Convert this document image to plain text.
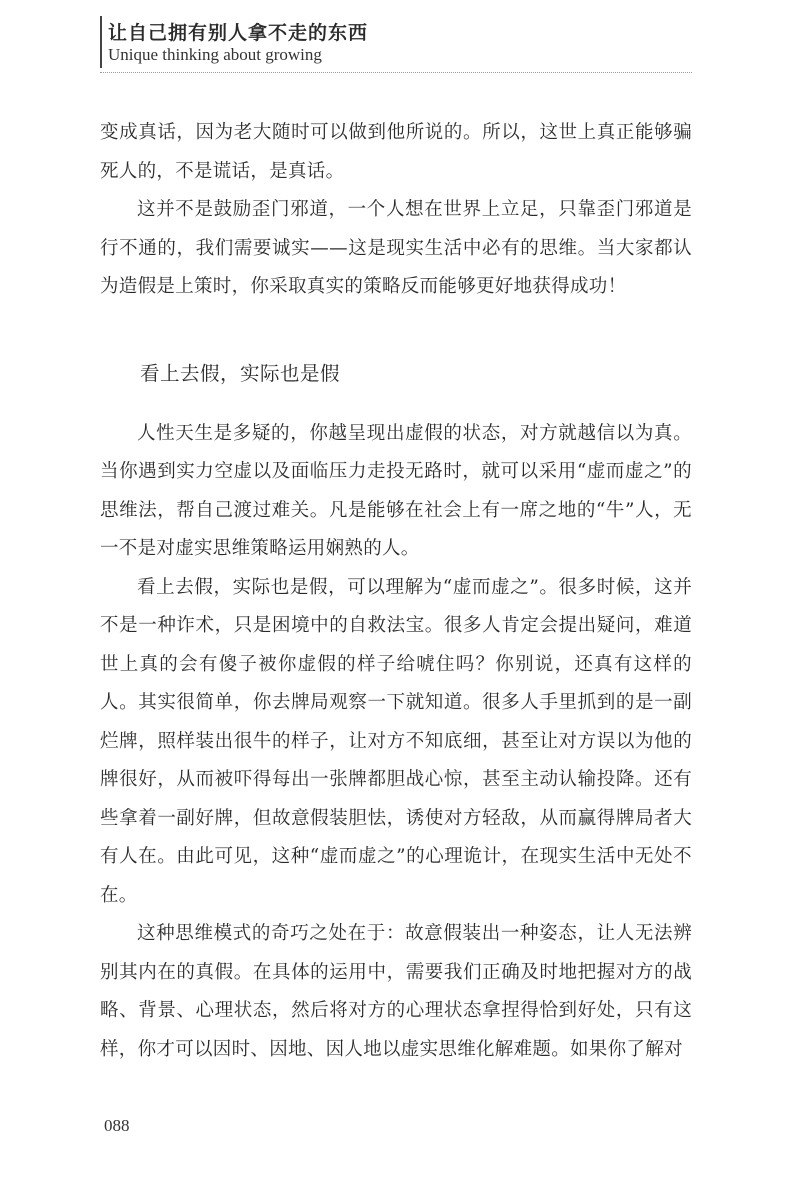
让自己拥有别人拿不走的东西
Unique thinking about growing

变成真话，因为老大随时可以做到他所说的。所以，这世上真正能够骗死人的，不是谎话，是真话。

这并不是鼓励歪门邪道，一个人想在世界上立足，只靠歪门邪道是行不通的，我们需要诚实——这是现实生活中必有的思维。当大家都认为造假是上策时，你采取真实的策略反而能够更好地获得成功！

看上去假，实际也是假

人性天生是多疑的，你越呈现出虚假的状态，对方就越信以为真。当你遇到实力空虚以及面临压力走投无路时，就可以采用“虚而虚之”的思维法，帮自己渡过难关。凡是能够在社会上有一席之地的“牛”人，无一不是对虚实思维策略运用娴熟的人。

看上去假，实际也是假，可以理解为“虚而虚之”。很多时候，这并不是一种诈术，只是困境中的自救法宝。很多人肯定会提出疑问，难道世上真的会有傻子被你虚假的样子给唬住吗？你别说，还真有这样的人。其实很简单，你去牌局观察一下就知道。很多人手里抓到的是一副烂牌，照样装出很牛的样子，让对方不知底细，甚至让对方误以为他的牌很好，从而被吓得每出一张牌都胆战心惊，甚至主动认输投降。还有些拿着一副好牌，但故意假装胆怯，诱使对方轻敌，从而赢得牌局者大有人在。由此可见，这种“虚而虚之”的心理诡计，在现实生活中无处不在。

这种思维模式的奇巧之处在于：故意假装出一种姿态，让人无法辨别其内在的真假。在具体的运用中，需要我们正确及时地把握对方的战略、背景、心理状态，然后将对方的心理状态拿捏得恰到好处，只有这样，你才可以因时、因地、因人地以虚实思维化解难题。如果你了解对

088
